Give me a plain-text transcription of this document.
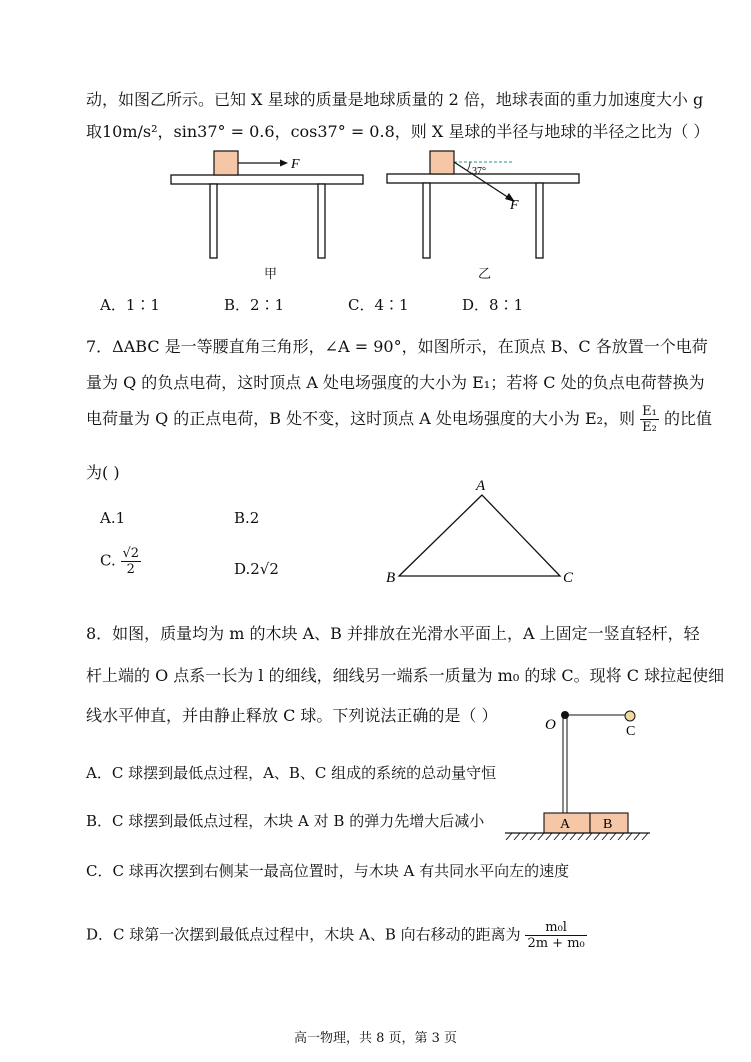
动，如图乙所示。已知 X 星球的质量是地球质量的 2 倍，地球表面的重力加速度大小 g
取10m/s²，sin37° = 0.6，cos37° = 0.8，则 X 星球的半径与地球的半径之比为（ ）
F
甲
37°
F
乙
A．1∶1	B．2∶1	C．4∶1	D．8∶1
7．ΔABC 是一等腰直角三角形，∠A = 90°，如图所示，在顶点 B、C 各放置一个电荷
量为 Q 的负点电荷，这时顶点 A 处电场强度的大小为 E₁；若将 C 处的负点电荷替换为
电荷量为 Q 的正点电荷，B 处不变，这时顶点 A 处电场强度的大小为 E₂，则 $\frac{\text{E₁}}{\text{E₂}}$ 的比值
为( )
A.1	B.2
C. $\frac{√2}{2}$	D.2√2
A
B	C
8．如图，质量均为 m 的木块 A、B 并排放在光滑水平面上，A 上固定一竖直轻杆，轻
杆上端的 O 点系一长为 l 的细线，细线另一端系一质量为 m₀ 的球 C。现将 C 球拉起使细
线水平伸直，并由静止释放 C 球。下列说法正确的是（ ）
A．C 球摆到最低点过程，A、B、C 组成的系统的总动量守恒
B．C 球摆到最低点过程，木块 A 对 B 的弹力先增大后减小
C．C 球再次摆到右侧某一最高位置时，与木块 A 有共同水平向左的速度
D．C 球第一次摆到最低点过程中，木块 A、B 向右移动的距离为 $\frac{\text{m₀l}}{\text{2m + m₀}}$
O	C
A B
高一物理，共 8 页，第 3 页
